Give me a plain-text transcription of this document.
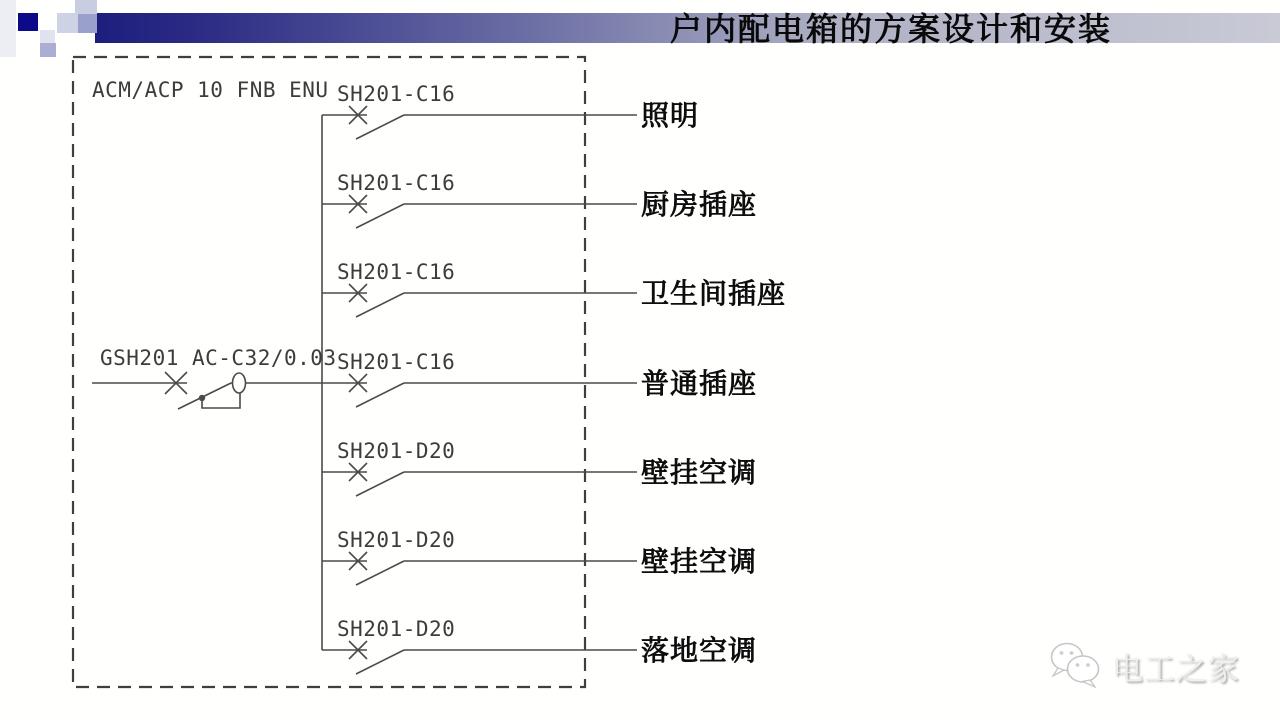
户内配电箱的方案设计和安装
ACM/ACP 10 FNB ENU SH201-C16
照明
SH201-C16
厨房插座
SH201-C16
卫生间插座
SH201-C16
普通插座
SH201-D20
壁挂空调
SH201-D20
壁挂空调
SH201-D20
落地空调
GSH201 AC-C32/0.03
电工之家
